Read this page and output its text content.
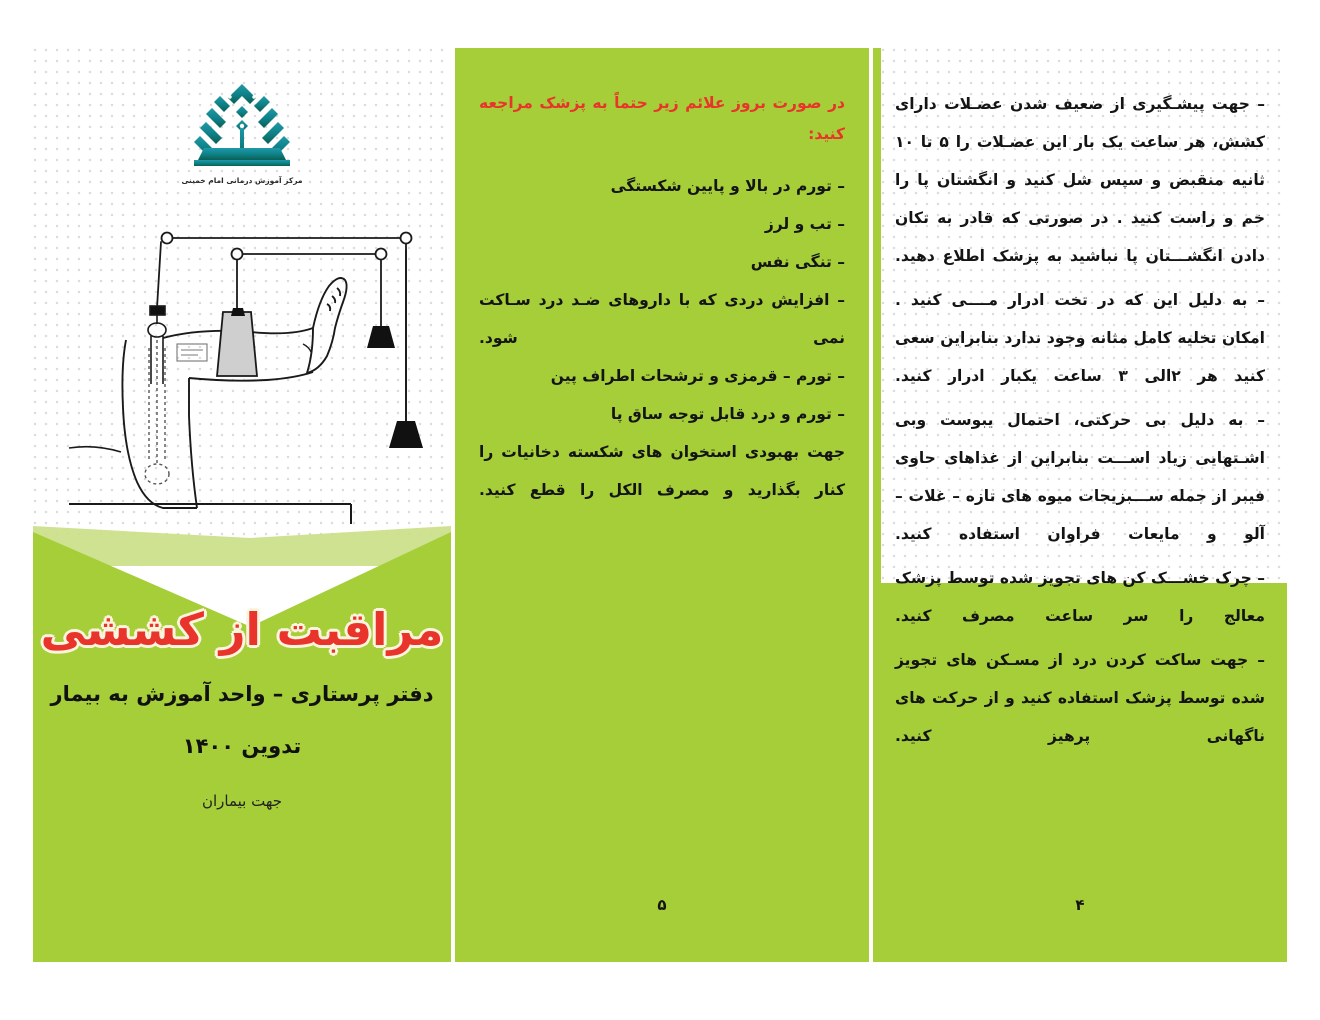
مرکز آموزش درمانی امام خمینی
مراقبت از کششی
دفتر پرستاری – واحد آموزش به بیمار
تدوین ۱۴۰۰
جهت بیماران
در صورت بروز علائم زیر حتماً به پزشک مراجعه کنید:
– تورم در بالا و پایین شکستگی
– تب و لرز
– تنگی نفس
– افزایش دردی که با داروهای ضـد درد سـاکت نمی شود.
– تورم – قرمزی و ترشحات اطراف پین
– تورم و درد قابل توجه ساق پا
جهت بهبودی استخوان های شکسته دخانیات را کنار بگذارید و مصرف الکل را قطع کنید.
۵
– جهت پیشـگیری از ضعیف شدن عضـلات دارای کشش، هر ساعت یک بار این عضـلات را ۵ تا ۱۰ ثانیه منقبض و سپس شل کنید و انگشتان پا را خم و راست کنید . در صورتی که قادر به تکان دادن انگشـــتان پا نباشید به پزشک اطلاع دهید.
– به دلیل این که در تخت ادرار مــــی کنید . امکان تخلیه کامل مثانه وجود ندارد بنابراین سعی کنید هر ۲الی ۳ ساعت یکبار ادرار کنید.
– به دلیل بی حرکتی، احتمال یبوست وبی اشـتهایی زیاد اســـت بنابراین از غذاهای حاوی فیبر از جمله ســـبزیجات میوه های تازه – غلات – آلو و مایعات فراوان استفاده کنید.
– چرک خشـــک کن های تجویز شده توسط پزشک معالج را سر ساعت مصرف کنید.
– جهت ساکت کردن درد از مسـکن های تجویز شده توسط پزشک استفاده کنید و از حرکت های ناگهانی پرهیز کنید.
۴
